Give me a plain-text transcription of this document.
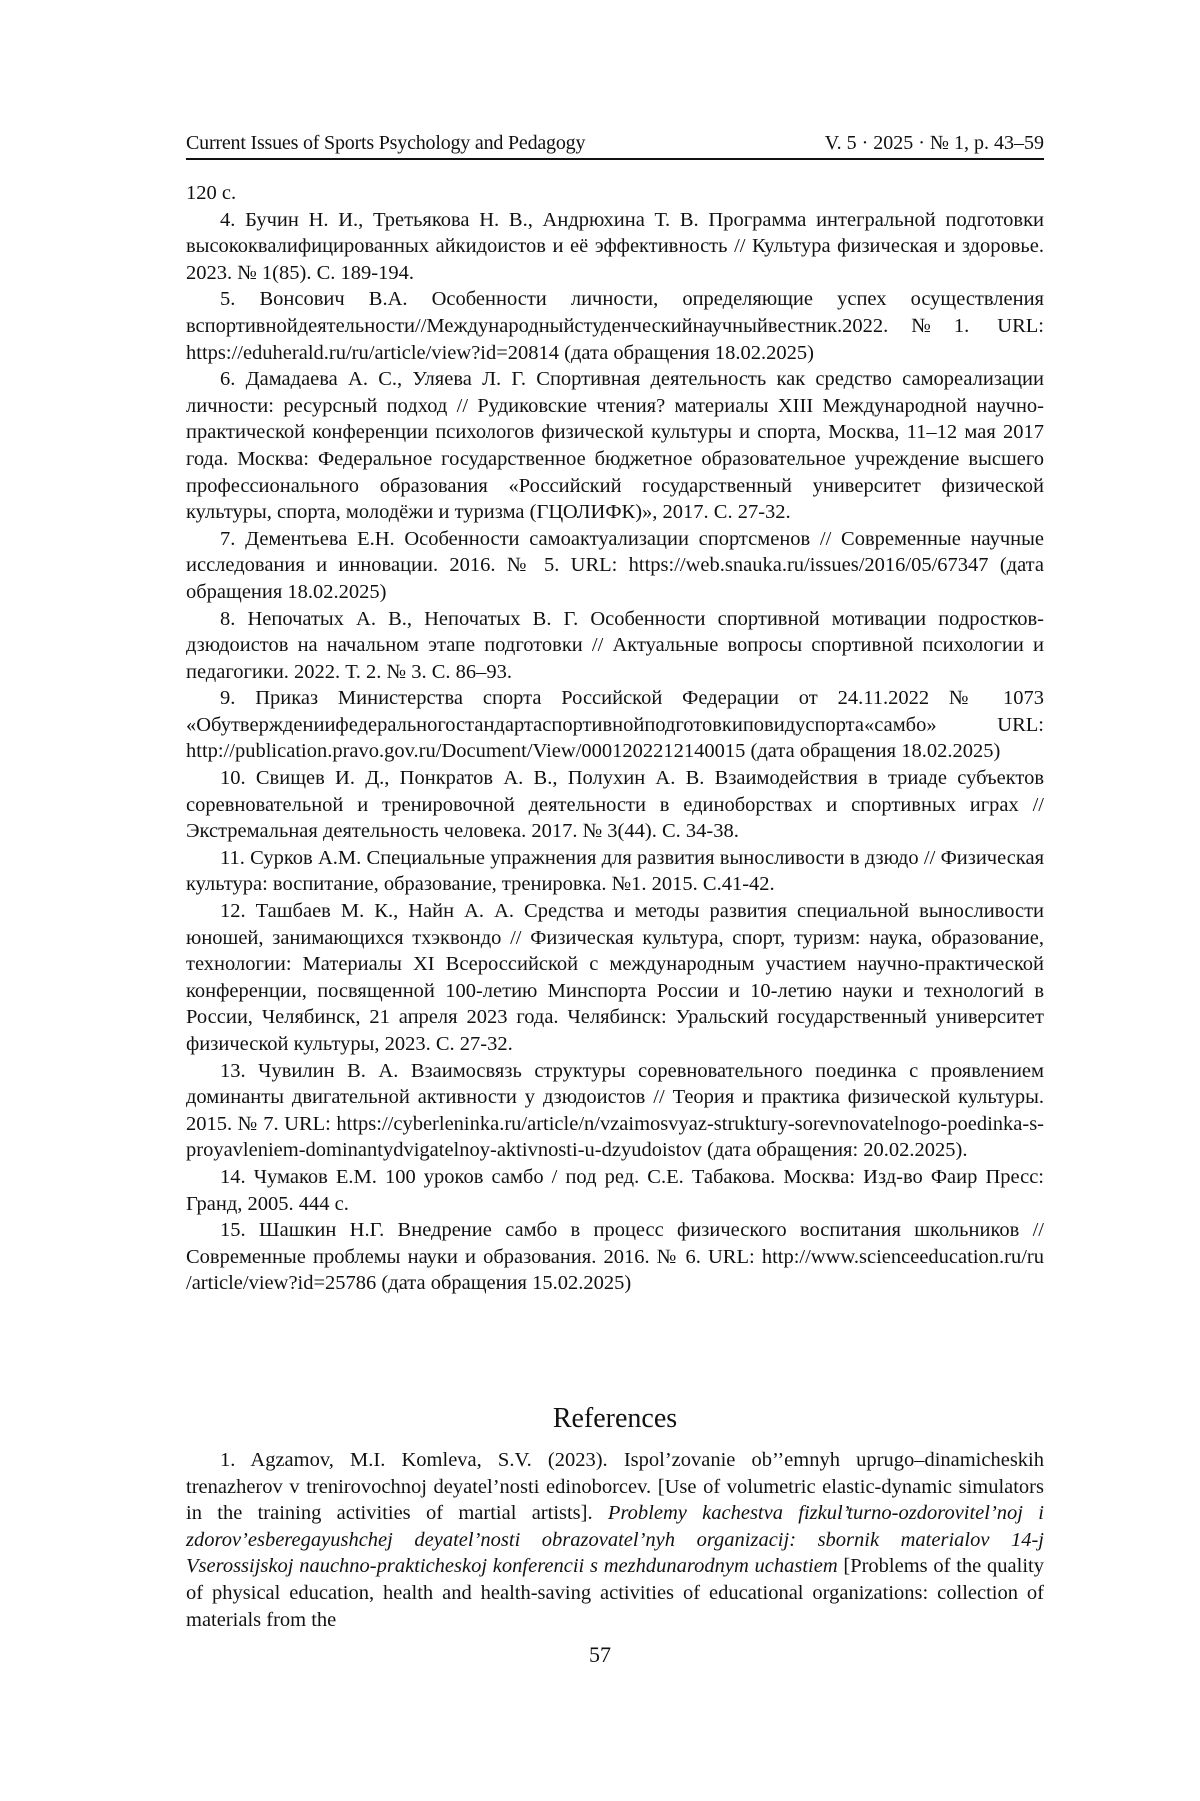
Current Issues of Sports Psychology and Pedagogy	V. 5 · 2025 · № 1, p. 43–59

120 с.

4. Бучин Н. И., Третьякова Н. В., Андрюхина Т. В. Программа интегральной подготовки высококвалифицированных айкидоистов и её эффективность // Культура физическая и здоровье. 2023. № 1(85). С. 189-194.

5. Вонсович В.А. Особенности личности, определяющие успех осуществления вспортивнойдеятельности//Международныйстуденческийнаучныйвестник.2022.№1. URL: https://eduherald.ru/ru/article/view?id=20814 (дата обращения 18.02.2025)

6. Дамадаева А. С., Уляева Л. Г. Спортивная деятельность как средство самореализации личности: ресурсный подход // Рудиковские чтения? материалы XIII Международной научно-практической конференции психологов физической культуры и спорта, Москва, 11–12 мая 2017 года. Москва: Федеральное государственное бюджетное образовательное учреждение высшего профессионального образования «Российский государственный университет физической культуры, спорта, молодёжи и туризма (ГЦОЛИФК)», 2017. С. 27-32.

7. Дементьева Е.Н. Особенности самоактуализации спортсменов // Современные научные исследования и инновации. 2016. № 5. URL: https://web.snauka.ru/issues/2016/05/67347 (дата обращения 18.02.2025)

8. Непочатых А. В., Непочатых В. Г. Особенности спортивной мотивации подростков-дзюдоистов на начальном этапе подготовки // Актуальные вопросы спортивной психологии и педагогики. 2022. Т. 2. № 3. С. 86–93.

9. Приказ Министерства спорта Российской Федерации от 24.11.2022 № 1073 «Обутверждениифедеральногостандартаспортивнойподготовкиповидуспорта«самбо» URL: http://publication.pravo.gov.ru/Document/View/0001202212140015 (дата обращения 18.02.2025)

10. Свищев И. Д., Понкратов А. В., Полухин А. В. Взаимодействия в триаде субъектов соревновательной и тренировочной деятельности в единоборствах и спортивных играх // Экстремальная деятельность человека. 2017. № 3(44). С. 34-38.

11. Сурков А.М. Специальные упражнения для развития выносливости в дзюдо // Физическая культура: воспитание, образование, тренировка. №1. 2015. С.41-42.

12. Ташбаев М. К., Найн А. А. Средства и методы развития специальной выносливости юношей, занимающихся тхэквондо // Физическая культура, спорт, туризм: наука, образование, технологии: Материалы XI Всероссийской с международным участием научно-практической конференции, посвященной 100-летию Минспорта России и 10-летию науки и технологий в России, Челябинск, 21 апреля 2023 года. Челябинск: Уральский государственный университет физической культуры, 2023. С. 27-32.

13. Чувилин В. А. Взаимосвязь структуры соревновательного поединка с проявлением доминанты двигательной активности у дзюдоистов // Теория и практика физической культуры. 2015. № 7. URL: https://cyberleninka.ru/article/n/vzaimosvyaz-struktury-sorevnovatelnogo-poedinka-s-proyavleniem-dominantydvigatelnoy-aktivnosti-u-dzyudoistov (дата обращения: 20.02.2025).

14. Чумаков Е.М. 100 уроков самбо / под ред. С.Е. Табакова. Москва: Изд-во Фаир Пресс: Гранд, 2005. 444 с.

15. Шашкин Н.Г. Внедрение самбо в процесс физического воспитания школьников // Современные проблемы науки и образования. 2016. № 6. URL: http://www.scienceeducation.ru/ru /article/view?id=25786 (дата обращения 15.02.2025)

References

1. Agzamov, M.I. Komleva, S.V. (2023). Ispol’zovanie ob’’emnyh uprugo–dinamicheskih trenazherov v trenirovochnoj deyatel’nosti edinoborcev. [Use of volumetric elastic-dynamic simulators in the training activities of martial artists]. Problemy kachestva fizkul’turno-ozdorovitel’noj i zdorov’esberegayushchej deyatel’nosti obrazovatel’nyh organizacij: sbornik materialov 14-j Vserossijskoj nauchno-prakticheskoj konferencii s mezhdunarodnym uchastiem [Problems of the quality of physical education, health and health-saving activities of educational organizations: collection of materials from the

57
